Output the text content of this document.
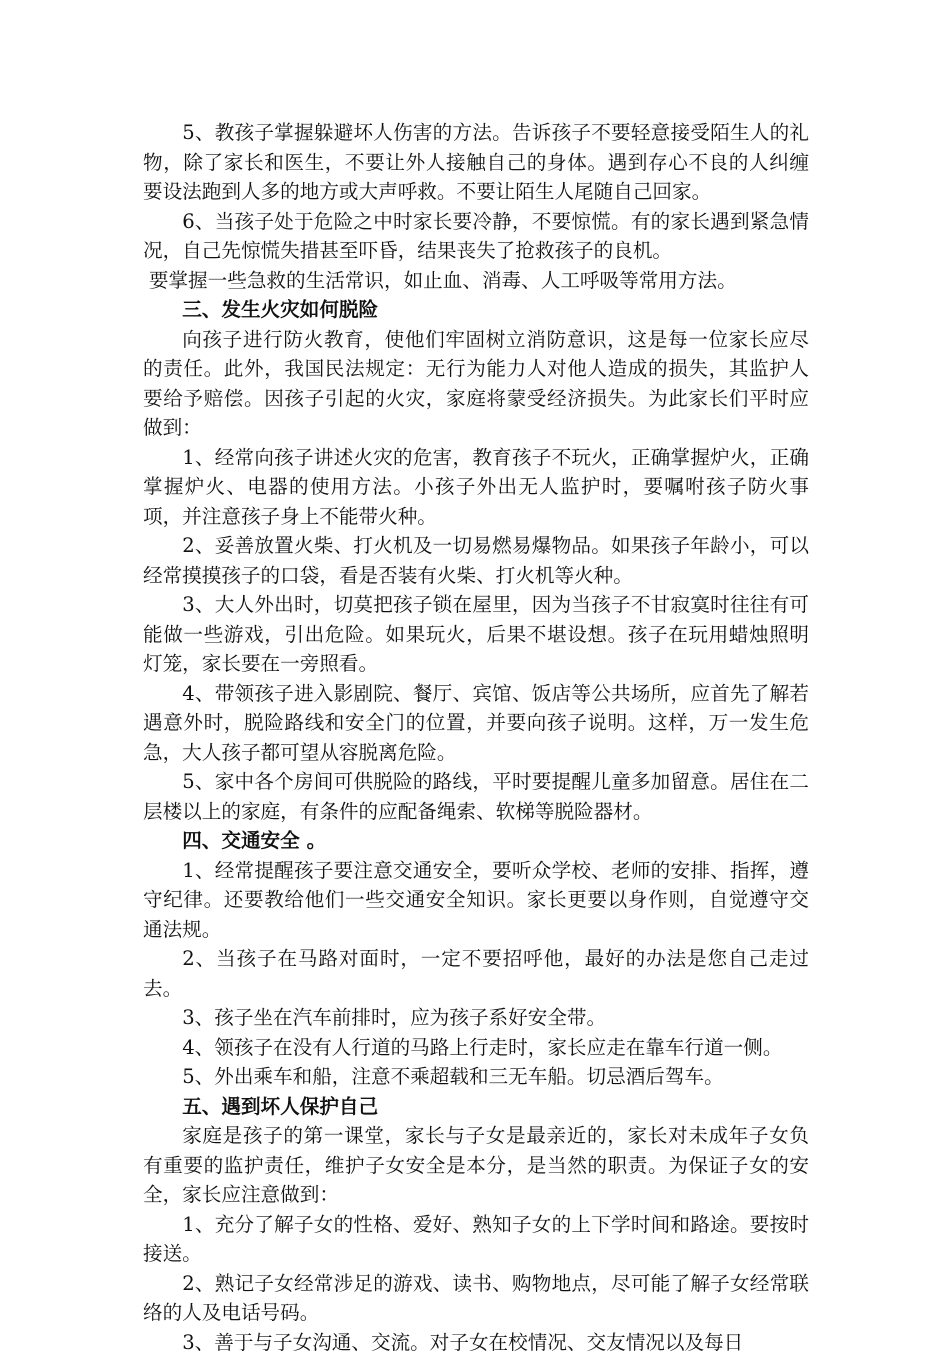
5、教孩子掌握躲避坏人伤害的方法。告诉孩子不要轻意接受陌生人的礼物，除了家长和医生，不要让外人接触自己的身体。遇到存心不良的人纠缠要设法跑到人多的地方或大声呼救。不要让陌生人尾随自己回家。

6、当孩子处于危险之中时家长要冷静，不要惊慌。有的家长遇到紧急情况，自己先惊慌失措甚至吓昏，结果丧失了抢救孩子的良机。

要掌握一些急救的生活常识，如止血、消毒、人工呼吸等常用方法。

三、发生火灾如何脱险

向孩子进行防火教育，使他们牢固树立消防意识，这是每一位家长应尽的责任。此外，我国民法规定：无行为能力人对他人造成的损失，其监护人要给予赔偿。因孩子引起的火灾，家庭将蒙受经济损失。为此家长们平时应做到：

1、经常向孩子讲述火灾的危害，教育孩子不玩火，正确掌握炉火，正确掌握炉火、电器的使用方法。小孩子外出无人监护时，要嘱咐孩子防火事项，并注意孩子身上不能带火种。

2、妥善放置火柴、打火机及一切易燃易爆物品。如果孩子年龄小，可以经常摸摸孩子的口袋，看是否装有火柴、打火机等火种。

3、大人外出时，切莫把孩子锁在屋里，因为当孩子不甘寂寞时往往有可能做一些游戏，引出危险。如果玩火，后果不堪设想。孩子在玩用蜡烛照明灯笼，家长要在一旁照看。

4、带领孩子进入影剧院、餐厅、宾馆、饭店等公共场所，应首先了解若遇意外时，脱险路线和安全门的位置，并要向孩子说明。这样，万一发生危急，大人孩子都可望从容脱离危险。

5、家中各个房间可供脱险的路线，平时要提醒儿童多加留意。居住在二层楼以上的家庭，有条件的应配备绳索、软梯等脱险器材。

四、交通安全 。

1、经常提醒孩子要注意交通安全，要听众学校、老师的安排、指挥，遵守纪律。还要教给他们一些交通安全知识。家长更要以身作则，自觉遵守交通法规。

2、当孩子在马路对面时，一定不要招呼他，最好的办法是您自己走过去。

3、孩子坐在汽车前排时，应为孩子系好安全带。

4、领孩子在没有人行道的马路上行走时，家长应走在靠车行道一侧。

5、外出乘车和船，注意不乘超载和三无车船。切忌酒后驾车。

五、遇到坏人保护自己

家庭是孩子的第一课堂，家长与子女是最亲近的，家长对未成年子女负有重要的监护责任，维护子女安全是本分，是当然的职责。为保证子女的安全，家长应注意做到：

1、充分了解子女的性格、爱好、熟知子女的上下学时间和路途。要按时接送。

2、熟记子女经常涉足的游戏、读书、购物地点，尽可能了解子女经常联络的人及电话号码。

3、善于与子女沟通、交流。对子女在校情况、交友情况以及每日
